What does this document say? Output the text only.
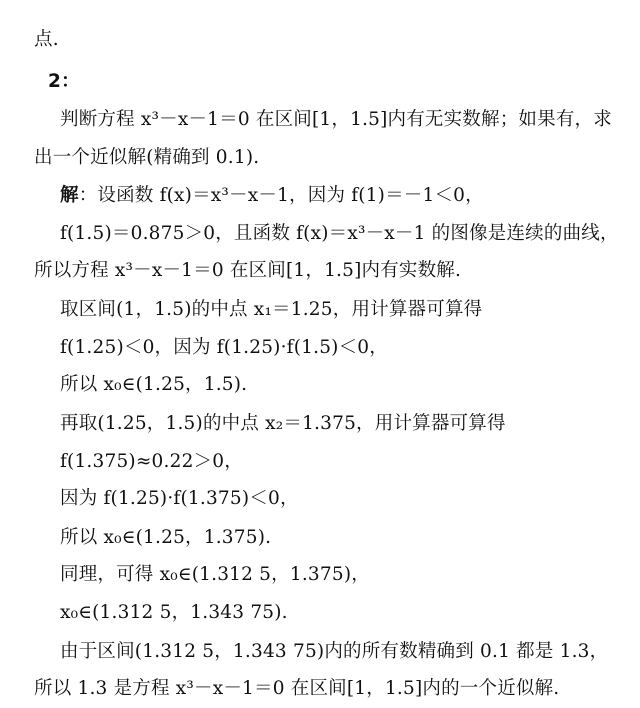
点.
2：
判断方程 x³－x－1＝0 在区间[1，1.5]内有无实数解；如果有，求
出一个近似解(精确到 0.1).
解：设函数 f(x)＝x³－x－1，因为 f(1)＝－1＜0，
f(1.5)＝0.875＞0，且函数 f(x)＝x³－x－1 的图像是连续的曲线，
所以方程 x³－x－1＝0 在区间[1，1.5]内有实数解.
取区间(1，1.5)的中点 x₁＝1.25，用计算器可算得
f(1.25)＜0，因为 f(1.25)·f(1.5)＜0，
所以 x₀∈(1.25，1.5).
再取(1.25，1.5)的中点 x₂＝1.375，用计算器可算得
f(1.375)≈0.22＞0，
因为 f(1.25)·f(1.375)＜0，
所以 x₀∈(1.25，1.375).
同理，可得 x₀∈(1.312 5，1.375)，
x₀∈(1.312 5，1.343 75).
由于区间(1.312 5，1.343 75)内的所有数精确到 0.1 都是 1.3，
所以 1.3 是方程 x³－x－1＝0 在区间[1，1.5]内的一个近似解.
